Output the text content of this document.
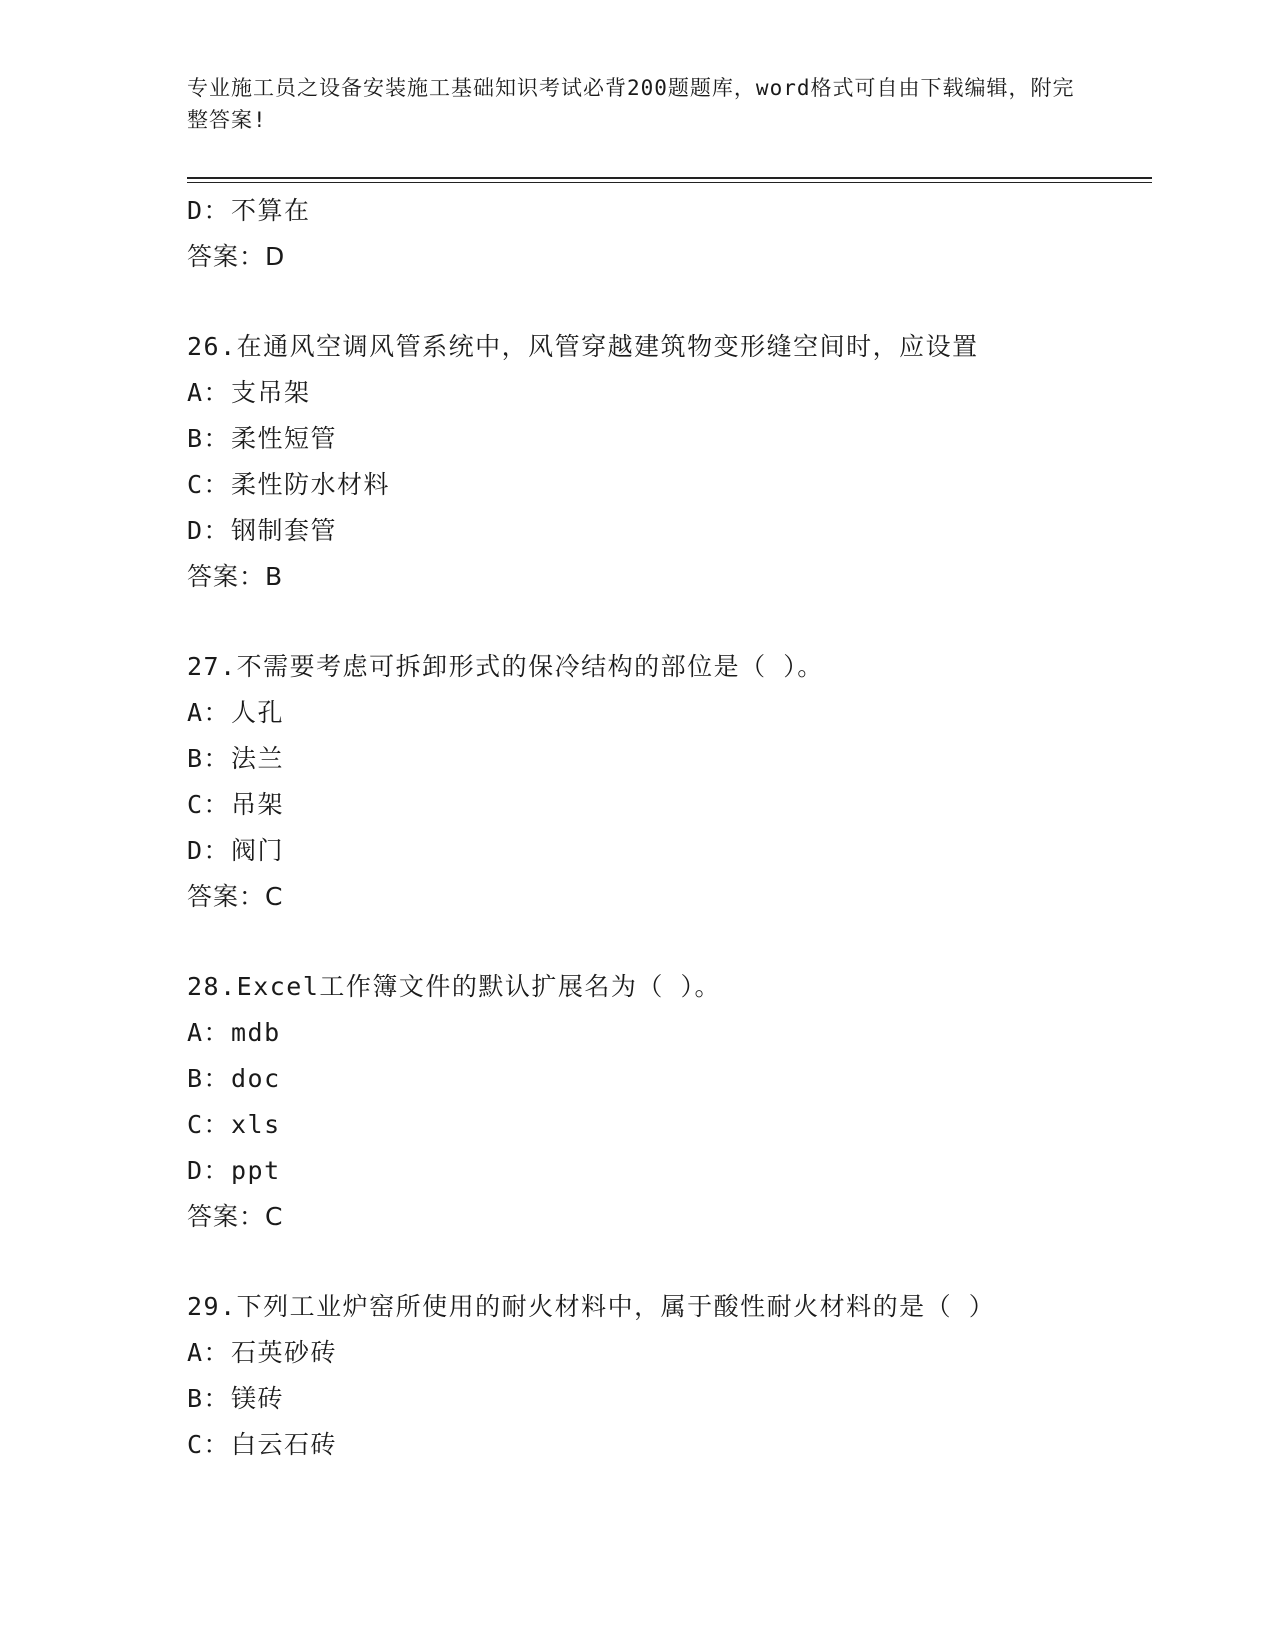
专业施工员之设备安装施工基础知识考试必背200题题库，word格式可自由下载编辑，附完整答案!
D：不算在
答案：D
26.在通风空调风管系统中，风管穿越建筑物变形缝空间时，应设置
A：支吊架
B：柔性短管
C：柔性防水材料
D：钢制套管
答案：B
27.不需要考虑可拆卸形式的保冷结构的部位是（ ）。
A：人孔
B：法兰
C：吊架
D：阀门
答案：C
28.Excel工作簿文件的默认扩展名为（ ）。
A：mdb
B：doc
C：xls
D：ppt
答案：C
29.下列工业炉窑所使用的耐火材料中，属于酸性耐火材料的是（ ）
A：石英砂砖
B：镁砖
C：白云石砖
